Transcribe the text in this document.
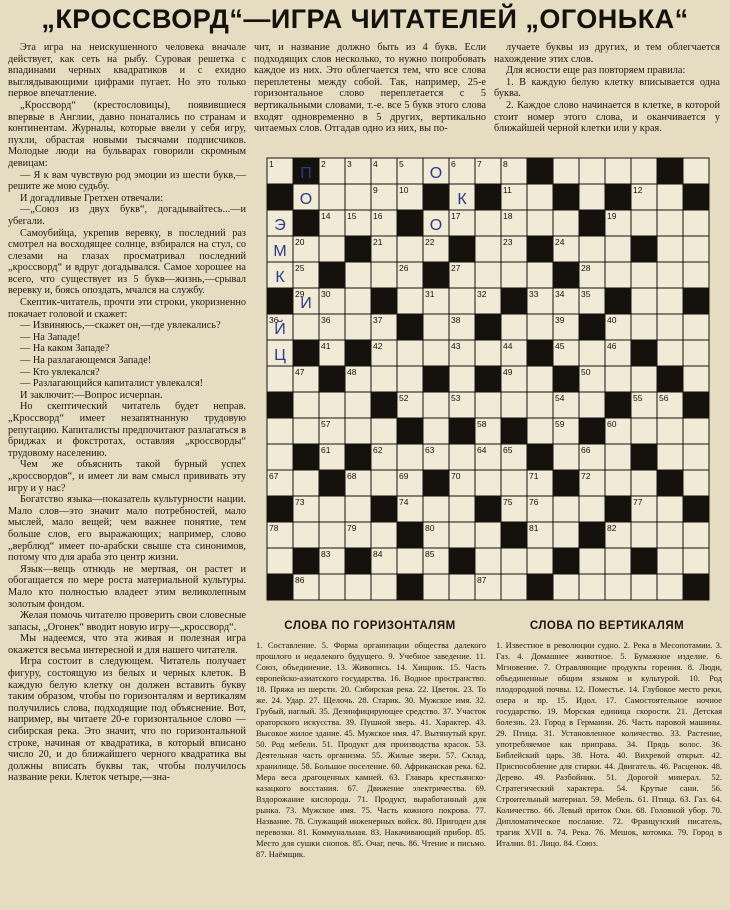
„КРОССВОРД“—ИГРА ЧИТАТЕЛЕЙ „ОГОНЬКА“

Эта игра на неискушенного человека вначале действует, как сеть на рыбу. Суровая решетка с впадинами черных квадратиков и с ехидно выглядывающими цифрами пугает. Но это только первое впечатление.

„Кроссворд“ (крестословицы), появившиеся впервые в Англии, давно понатались по странам и континентам. Журналы, которые ввели у себя игру, пухли, обрастая новыми тысячами подписчиков. Молодые люди на бульварах говорили скромным девицам:

— Я к вам чувствую род эмоции из шести букв,—решите же мою судьбу.

И догадливые Гретхен отвечали:

—„Союз из двух букв“, догадывайтесь...—и убегали.

Самоубийца, укрепив веревку, в последний раз смотрел на восходящее солнце, взбирался на стул, со слезами на глазах просматривал последний „кроссворд“ и вдруг догадывался. Самое хорошее на всего, что существует из 5 букв—жизнь,—срывал веревку и, боясь опоздать, мчался на службу.

Скептик-читатель, прочти эти строки, укоризненно покачает головой и скажет:

— Извиняюсь,—скажет он,—где увлекались?

— На Западе!

— На каком Западе?

— На разлагающемся Западе!

— Кто увлекался?

— Разлагающийся капиталист увлекался!

И заключит:—Вопрос исчерпан.

Но скептический читатель будет неправ. „Кроссворд“ имеет незапятнанную трудовую репутацию. Капиталисты предпочитают разлагаться в бриджах и фокстротах, оставляя „кроссворды“ трудовому населению.

Чем же объяснить такой бурный успех „кроссвордов“, и имеет ли вам смысл прививать эту игру и у нас?

Богатство языка—показатель культурности нации. Мало слов—это значит мало потребностей, мало мыслей, мало вещей; чем важнее понятие, тем больше слов, его выражающих; например, слово „верблюд“ имеет по-арабски свыше ста синонимов, потому что для араба это центр жизни.

Язык—вещь отнюдь не мертвая, он растет и обогащается по мере роста материальной культуры. Мало кто полностью владеет этим великолепным золотым фондом.

Желая помочь читателю проверить свои словесные запасы, „Огонек“ вводит новую игру—„кроссворд“.

Мы надеемся, что эта живая и полезная игра окажется весьма интересной и для нашего читателя.

Игра состоит в следующем. Читатель получает фигуру, состоящую из белых и черных клеток. В каждую белую клетку он должен вставить букву таким образом, чтобы по горизонталям и вертикалям получились слова, подходящие под объяснение. Вот, например, вы читаете 20-е горизонтальное слово — сибирская река. Это значит, что по горизонтальной строке, начиная от квадратика, в который вписано число 20, и до ближайшего черного квадратика вы должны вписать буквы так, чтобы получилось название реки. Клеток четыре,—зна-

чит, и название должно быть из 4 букв. Если подходящих слов несколько, то нужно попробовать каждое из них. Это облегчается тем, что все слова переплетены между собой. Так, например, 25-е горизонтальное слово переплетается с 5 вертикальными словами, т.-е. все 5 букв этого слова входят одновременно в 5 других, вертикально читаемых слов. Отгадав одно из них, вы по-

лучаете буквы из других, и тем облегчается нахождение этих слов.

Для ясности еще раз повторяем правила:

1. В каждую белую клетку вписывается одна буква.

2. Каждое слово начинается в клетке, в которой стоит номер этого слова, и оканчивается у ближайшей черной клетки или у края.

1	2	3	4	5	6	7	8
9	10	11	12
14 15 16	17	18	19
20	21	22	23	24
25	26	27	28
29 30	31	32	33 34 35
36	36	37	38	39	40
41	42	43	44	45	46
47	48	49	50
51	52	53	54	55 56
57	58	59	60
61	62	63	64 65	66
67	68	69	70	71	72
73	74	75 76	77
78	79	80	81	82
83	84	85
86	87
П
О
Э
М
К
И
Й
Ц
О
К
О
СЛОВА ПО ГОРИЗОНТАЛЯМ	СЛОВА ПО ВЕРТИКАЛЯМ
1. Составление. 5. Форма организации общества далекого прошлого и недалекого будущего. 9. Учебное заведение. 11. Союз, объединение. 13. Живопись. 14. Хищник. 15. Часть европейско-азиатского государства. 16. Водное пространство. 18. Пряжа из шерсти. 20. Сибирская река. 22. Цветок. 23. То же. 24. Удар. 27. Щелочь. 28. Старик. 30. Мужское имя. 32. Грубый, наглый. 35. Дезинфицирующее средство. 37. Участок ораторского искусства. 39. Пушной зверь. 41. Характер. 43. Высокое жилое здание. 45. Мужское имя. 47. Вытянутый круг. 50. Род мебели. 51. Продукт для производства красок. 53. Деятельная часть организма. 55. Жилые звери. 57. Склад, хранилище. 58. Большое поселение. 60. Африканская река. 62. Мера веса драгоценных камней. 63. Главарь крестьянско-казацкого восстания. 67. Движение электричества. 69. Вздорожание кислорода. 71. Продукт, выработанный для рынка. 73. Мужское имя. 75. Часть кожного покрова. 77. Название. 78. Служащий инженерных войск. 80. Пригоден для перевозки. 81. Коммунальная. 83. Накачивающий прибор. 85. Место для сушки снопов. 85. Очаг, печь. 86. Чтение и письмо. 87. Наёмщик.
1. Известное в революции судно. 2. Река в Месопотамии. 3. Газ. 4. Домашнее животное. 5. Бумажное изделие. 6. Мгновение. 7. Отравляющие продукты горения. 8. Люди, объединенные общим языком и культурой. 10. Род плодородной почвы. 12. Поместье. 14. Глубокое место реки, озера и пр. 15. Идол. 17. Самостоятельное ночное государство. 19. Морская единица скорости. 21. Детская болезнь. 23. Город в Германии. 26. Часть паровой машины. 29. Птица. 31. Установленное количество. 33. Растение, употребляемое как приправа. 34. Прядь волос. 36. Библейский царь. 38. Нота. 40. Вихревой открыт. 42. Приспособление для стирки. 44. Двигатель. 46. Расценок. 48. Дерево. 49. Разбойник. 51. Дорогой минерал. 52. Стратегический характера. 54. Крутые сани. 56. Строительный материал. 59. Мебель. 61. Птица. 63. Газ. 64. Количество. 66. Левый приток Оки. 68. Головной убор. 70. Дипломатическое послание. 72. Французский писатель, трагик XVII в. 74. Река. 76. Мешок, котомка. 79. Город в Италии. 81. Лицо. 84. Союз.
